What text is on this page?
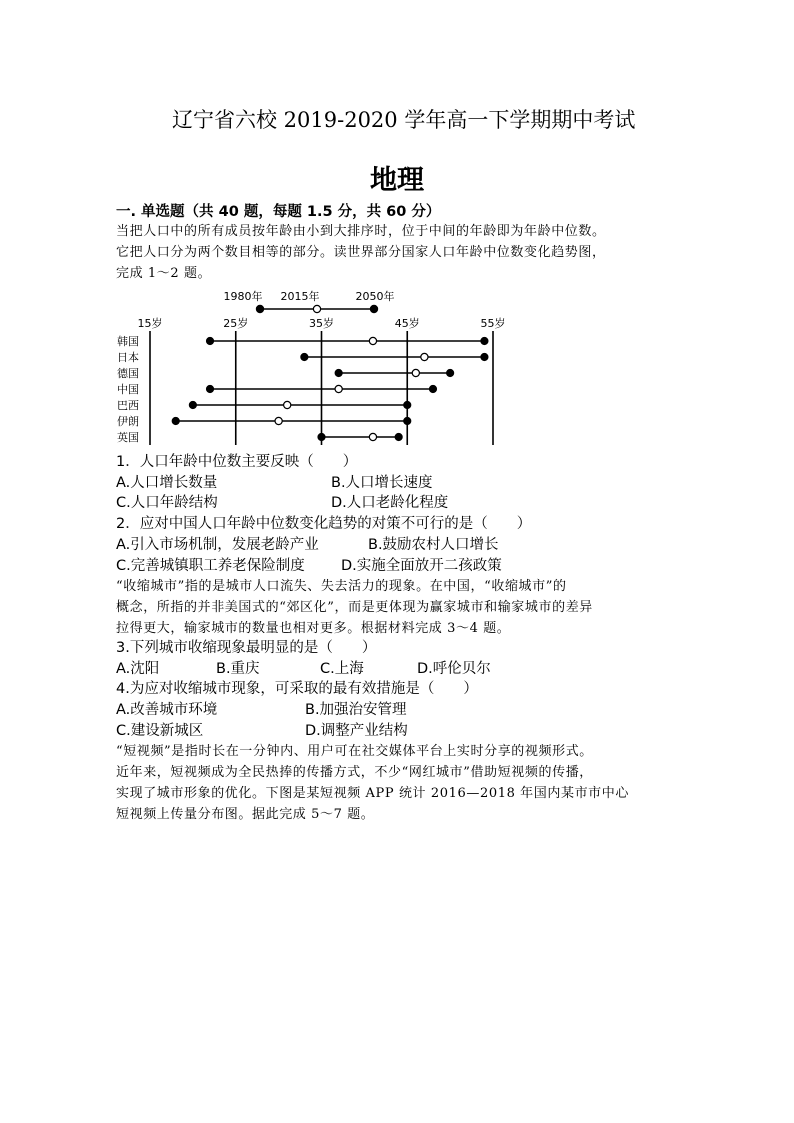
辽宁省六校 2019-2020 学年高一下学期期中考试
地理
一. 单选题（共 40 题，每题 1.5 分，共 60 分）
当把人口中的所有成员按年龄由小到大排序时，位于中间的年龄即为年龄中位数。
它把人口分为两个数目相等的部分。读世界部分国家人口年龄中位数变化趋势图，
完成 1～2 题。
1980年 2015年	2050年
15岁	25岁	35岁	45岁	55岁
韩国
日本
德国
中国
巴西
伊朗
英国
1．人口年龄中位数主要反映（　　）
A.人口增长数量	B.人口增长速度
C.人口年龄结构	D.人口老龄化程度
2．应对中国人口年龄中位数变化趋势的对策不可行的是（　　）
A.引入市场机制，发展老龄产业	B.鼓励农村人口增长
C.完善城镇职工养老保险制度	D.实施全面放开二孩政策
“收缩城市”指的是城市人口流失、失去活力的现象。在中国，“收缩城市”的
概念，所指的并非美国式的“郊区化”，而是更体现为赢家城市和输家城市的差异
拉得更大，输家城市的数量也相对更多。根据材料完成 3～4 题。
3.下列城市收缩现象最明显的是（　　）
A.沈阳	B.重庆	C.上海	D.呼伦贝尔
4.为应对收缩城市现象，可采取的最有效措施是（　　）
A.改善城市环境	B.加强治安管理
C.建设新城区	D.调整产业结构
“短视频”是指时长在一分钟内、用户可在社交媒体平台上实时分享的视频形式。
近年来，短视频成为全民热捧的传播方式，不少“网红城市”借助短视频的传播，
实现了城市形象的优化。下图是某短视频 APP 统计 2016—2018 年国内某市市中心
短视频上传量分布图。据此完成 5～7 题。
